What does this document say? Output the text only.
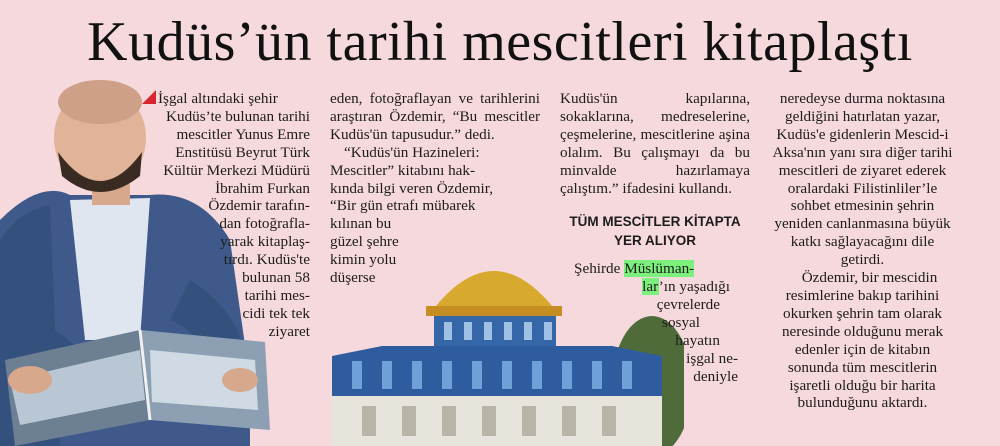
Kudüs’ün tarihi mescitleri kitaplaştı

İşgal altındaki şehir

Kudüs’te bulunan tarihi

mescitler Yunus Emre

Enstitüsü Beyrut Türk

Kültür Merkezi Müdürü

İbrahim Furkan

Özdemir tarafın-

dan fotoğrafla-

yarak kitaplaş-

tırdı. Kudüs'te

bulunan 58

tarihi mes-

cidi tek tek

ziyaret

eden, fotoğraflayan ve tarihlerini araştıran Özdemir, “Bu mescitler Kudüs'ün tapusudur.” dedi.

“Kudüs'ün Hazineleri:

Mescitler” kitabını hak-

kında bilgi veren Özdemir,

“Bir gün etrafı mübarek

kılınan bu

güzel şehre

kimin yolu

düşerse

Kudüs'ün kapılarına, sokaklarına, medreselerine, çeşmelerine, mescitlerine aşina olalım. Bu çalışmayı da bu minvalde hazırlamaya çalıştım.” ifadesini kullandı.

TÜM MESCİTLER KİTAPTA YER ALIYOR

Şehirde Müslüman-

lar’ın yaşadığı

çevrelerde

sosyal

hayatın

işgal ne-

deniyle

neredeyse durma noktasına geldiğini hatırlatan yazar, Kudüs'e gidenlerin Mescid-i Aksa'nın yanı sıra diğer tarihi mescitleri de ziyaret ederek oralardaki Filistinliler’le sohbet etmesinin şehrin yeniden canlanmasına büyük katkı sağlayacağını dile getirdi.

Özdemir, bir mescidin resimlerine bakıp tarihini okurken şehrin tam olarak neresinde olduğunu merak edenler için de kitabın sonunda tüm mescitlerin işaretli olduğu bir harita bulunduğunu aktardı.
